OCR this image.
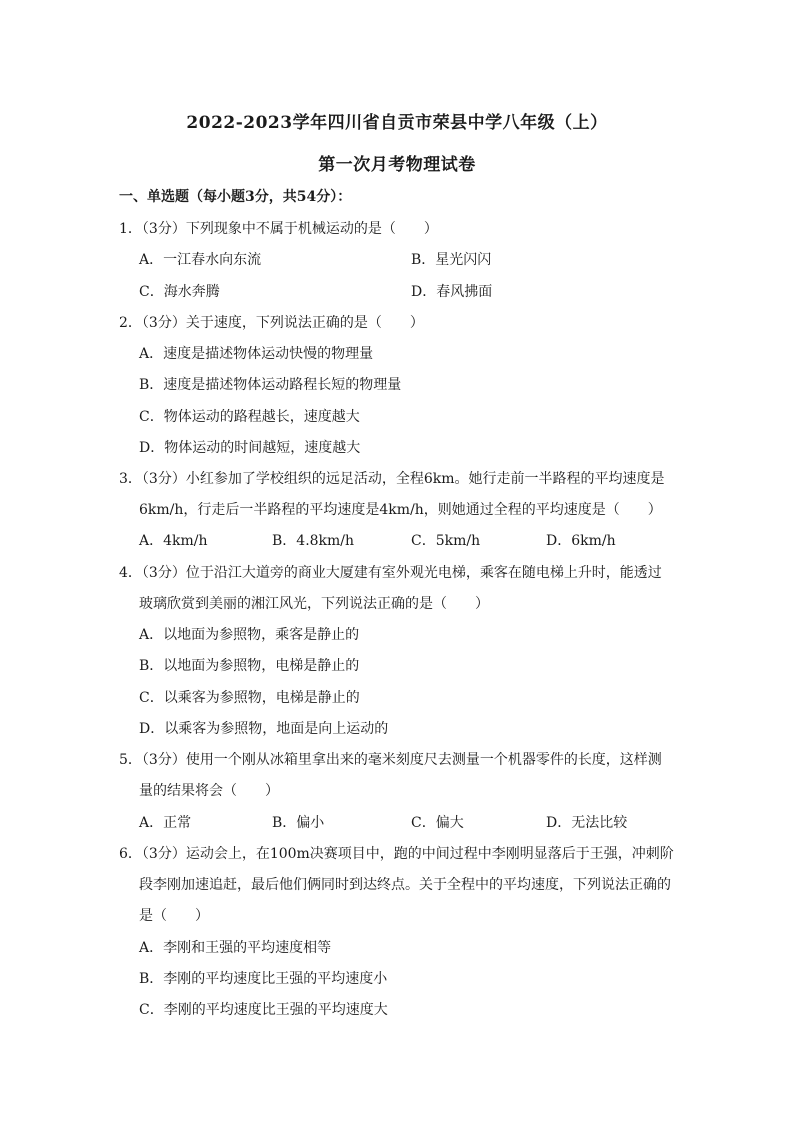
2022-2023学年四川省自贡市荣县中学八年级（上）
第一次月考物理试卷
一、单选题（每小题3分，共54分）：
1．（3分）下列现象中不属于机械运动的是（　　）
A．一江春水向东流	B．星光闪闪
C．海水奔腾	D．春风拂面
2．（3分）关于速度，下列说法正确的是（　　）
A．速度是描述物体运动快慢的物理量
B．速度是描述物体运动路程长短的物理量
C．物体运动的路程越长，速度越大
D．物体运动的时间越短，速度越大
3．（3分）小红参加了学校组织的远足活动，全程6km。她行走前一半路程的平均速度是
6km/h，行走后一半路程的平均速度是4km/h，则她通过全程的平均速度是（　　）
A．4km/h	B．4.8km/h	C．5km/h	D．6km/h
4．（3分）位于沿江大道旁的商业大厦建有室外观光电梯，乘客在随电梯上升时，能透过
玻璃欣赏到美丽的湘江风光，下列说法正确的是（　　）
A．以地面为参照物，乘客是静止的
B．以地面为参照物，电梯是静止的
C．以乘客为参照物，电梯是静止的
D．以乘客为参照物，地面是向上运动的
5．（3分）使用一个刚从冰箱里拿出来的毫米刻度尺去测量一个机器零件的长度，这样测
量的结果将会（　　）
A．正常	B．偏小	C．偏大	D．无法比较
6．（3分）运动会上，在100m决赛项目中，跑的中间过程中李刚明显落后于王强，冲刺阶
段李刚加速追赶，最后他们俩同时到达终点。关于全程中的平均速度，下列说法正确的
是（　　）
A．李刚和王强的平均速度相等
B．李刚的平均速度比王强的平均速度小
C．李刚的平均速度比王强的平均速度大
